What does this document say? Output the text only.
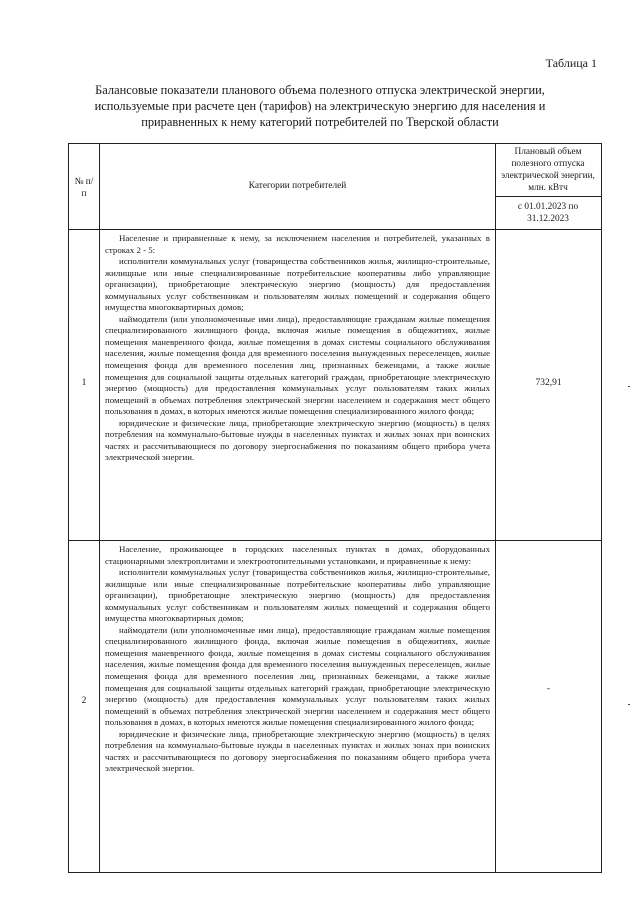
Таблица 1
Балансовые показатели планового объема полезного отпуска электрической энергии, используемые при расчете цен (тарифов) на электрическую энергию для населения и приравненных к нему категорий потребителей по Тверской области
№ п/п
Категории потребителей
Плановый объем полезного отпуска электрической энергии, млн. кВтч
с 01.01.2023 по 31.12.2023
1

Население и приравненные к нему, за исключением населения и потребителей, указанных в строках 2 - 5:

исполнители коммунальных услуг (товарищества собственников жилья, жилищно-строительные, жилищные или иные специализированные потребительские кооперативы либо управляющие организации), приобретающие электрическую энергию (мощность) для предоставления коммунальных услуг собственникам и пользователям жилых помещений и содержания общего имущества многоквартирных домов;

наймодатели (или уполномоченные ими лица), предоставляющие гражданам жилые помещения специализированного жилищного фонда, включая жилые помещения в общежитиях, жилые помещения маневренного фонда, жилые помещения в домах системы социального обслуживания населения, жилые помещения фонда для временного поселения вынужденных переселенцев, жилые помещения фонда для временного поселения лиц, признанных беженцами, а также жилые помещения для социальной защиты отдельных категорий граждан, приобретающие электрическую энергию (мощность) для предоставления коммунальных услуг пользователям таких жилых помещений в объемах потребления электрической энергии населением и содержания мест общего пользования в домах, в которых имеются жилые помещения специализированного жилого фонда;

юридические и физические лица, приобретающие электрическую энергию (мощность) в целях потребления на коммунально-бытовые нужды в населенных пунктах и жилых зонах при воинских частях и рассчитывающиеся по договору энергоснабжения по показаниям общего прибора учета электрической энергии.

732,91
2

Население, проживающее в городских населенных пунктах в домах, оборудованных стационарными электроплитами и электроотопительными установками, и приравненные к нему:

исполнители коммунальных услуг (товарищества собственников жилья, жилищно-строительные, жилищные или иные специализированные потребительские кооперативы либо управляющие организации), приобретающие электрическую энергию (мощность) для предоставления коммунальных услуг собственникам и пользователям жилых помещений и содержания общего имущества многоквартирных домов;

наймодатели (или уполномоченные ими лица), предоставляющие гражданам жилые помещения специализированного жилищного фонда, включая жилые помещения в общежитиях, жилые помещения маневренного фонда, жилые помещения в домах системы социального обслуживания населения, жилые помещения фонда для временного поселения вынужденных переселенцев, жилые помещения фонда для временного поселения лиц, признанных беженцами, а также жилые помещения для социальной защиты отдельных категорий граждан, приобретающие электрическую энергию (мощность) для предоставления коммунальных услуг пользователям таких жилых помещений в объемах потребления электрической энергии населением и содержания мест общего пользования в домах, в которых имеются жилые помещения специализированного жилого фонда;

юридические и физические лица, приобретающие электрическую энергию (мощность) в целях потребления на коммунально-бытовые нужды в населенных пунктах и жилых зонах при воинских частях и рассчитывающиеся по договору энергоснабжения по показаниям общего прибора учета электрической энергии.

-
